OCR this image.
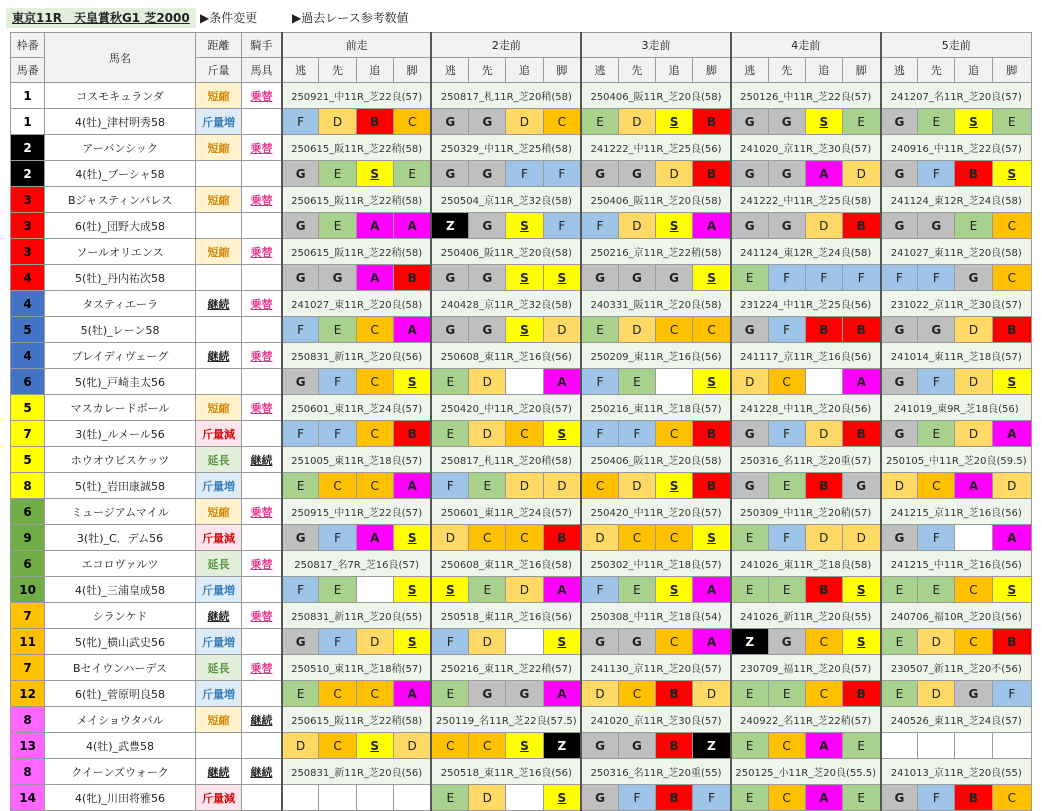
東京11R　天皇賞秋G1 芝2000 ▶条件変更	▶過去レース参考数値
枠番	馬名	距離	騎手	前走				2走前				3走前				4走前				5走前			
馬番		斤量	馬具	逃	先	追	脚	逃	先	追	脚	逃	先	追	脚	逃	先	追	脚	逃	先	追	脚
1	コスモキュランダ	短縮	乗替	250921_中11R_芝22良(57)				250817_札11R_芝20稍(58)				250406_阪11R_芝20良(58)				250126_中11R_芝22良(57)				241207_名11R_芝20良(57)			
1	4(牡)_津村明秀58	斤量増		F	D	B	C	G	G	D	C	E	D	S	B	G	G	S	E	G	E	S	E
2	アーバンシック	短縮	乗替	250615_阪11R_芝22稍(58)				250329_中11R_芝25稍(58)				241222_中11R_芝25良(56)				241020_京11R_芝30良(57)				240916_中11R_芝22良(57)			
2	4(牡)_ブーシャ58			G	E	S	E	G	G	F	F	G	G	D	B	G	G	A	D	G	F	B	S
3	Bジャスティンパレス	短縮	乗替	250615_阪11R_芝22稍(58)				250504_京11R_芝32良(58)				250406_阪11R_芝20良(58)				241222_中11R_芝25良(58)				241124_東12R_芝24良(58)			
3	6(牡)_団野大成58			G	E	A	A	Z	G	S	F	F	D	S	A	G	G	D	B	G	G	E	C
3	ソールオリエンス	短縮	乗替	250615_阪11R_芝22稍(58)				250406_阪11R_芝20良(58)				250216_京11R_芝22稍(58)				241124_東12R_芝24良(58)				241027_東11R_芝20良(58)			
4	5(牡)_丹内祐次58			G	G	A	B	G	G	S	S	G	G	G	S	E	F	F	F	F	F	G	C
4	タスティエーラ	継続	乗替	241027_東11R_芝20良(58)				240428_京11R_芝32良(58)				240331_阪11R_芝20良(58)				231224_中11R_芝25良(56)				231022_京11R_芝30良(57)			
5	5(牡)_レーン58			F	E	C	A	G	G	S	D	E	D	C	C	G	F	B	B	G	G	D	B
4	ブレイディヴェーグ	継続	乗替	250831_新11R_芝20良(56)				250608_東11R_芝16良(56)				250209_東11R_芝16良(56)				241117_京11R_芝16良(56)				241014_東11R_芝18良(57)			
6	5(牝)_戸崎圭太56			G	F	C	S	E	D		A	F	E		S	D	C		A	G	F	D	S
5	マスカレードボール	短縮	乗替	250601_東11R_芝24良(57)				250420_中11R_芝20良(57)				250216_東11R_芝18良(57)				241228_中11R_芝20良(56)				241019_東9R_芝18良(56)			
7	3(牡)_ルメール56	斤量減		F	F	C	B	E	D	C	S	F	F	C	B	G	F	D	B	G	E	D	A
5	ホウオウビスケッツ	延長	継続	251005_東11R_芝18良(57)				250817_札11R_芝20稍(58)				250406_阪11R_芝20良(58)				250316_名11R_芝20重(57)				250105_中11R_芝20良(59.5)			
8	5(牡)_岩田康誠58	斤量増		E	C	C	A	F	E	D	D	C	D	S	B	G	E	B	G	D	C	A	D
6	ミュージアムマイル	短縮	乗替	250915_中11R_芝22良(57)				250601_東11R_芝24良(57)				250420_中11R_芝20良(57)				250309_中11R_芝20稍(57)				241215_京11R_芝16良(56)			
9	3(牡)_C．デム56	斤量減		G	F	A	S	D	C	C	B	D	C	C	S	E	F	D	D	G	F		A
6	エコロヴァルツ	延長	乗替	250817_名7R_芝16良(57)				250608_東11R_芝16良(58)				250302_中11R_芝18良(57)				241026_東11R_芝18良(58)				241215_中11R_芝16良(56)			
10	4(牡)_三浦皇成58	斤量増		F	E		S	S	E	D	A	F	E	S	A	E	E	B	S	E	E	C	S
7	シランケド	継続	乗替	250831_新11R_芝20良(55)				250518_東11R_芝16良(56)				250308_中11R_芝18良(54)				241026_新11R_芝20良(55)				240706_福10R_芝20良(56)			
11	5(牝)_横山武史56	斤量増		G	F	D	S	F	D		S	G	G	C	A	Z	G	C	S	E	D	C	B
7	Bセイウンハーデス	延長	乗替	250510_東11R_芝18稍(57)				250216_東11R_芝22稍(57)				241130_京11R_芝20良(57)				230709_福11R_芝20良(57)				230507_新11R_芝20不(56)			
12	6(牡)_菅原明良58	斤量増		E	C	C	A	E	G	G	A	D	C	B	D	E	E	C	B	E	D	G	F
8	メイショウタバル	短縮	継続	250615_阪11R_芝22稍(58)				250119_名11R_芝22良(57.5)				241020_京11R_芝30良(57)				240922_名11R_芝22稍(57)				240526_東11R_芝24良(57)			
13	4(牡)_武豊58			D	C	S	D	C	C	S	Z	G	G	B	Z	E	C	A	E				
8	クイーンズウォーク	継続	継続	250831_新11R_芝20良(56)				250518_東11R_芝16良(56)				250316_名11R_芝20重(55)				250125_小11R_芝20良(55.5)				241013_京11R_芝20良(55)			
14	4(牝)_川田将雅56	斤量減						E	D		S	G	F	B	F	E	C	A	E	G	F	B	C
